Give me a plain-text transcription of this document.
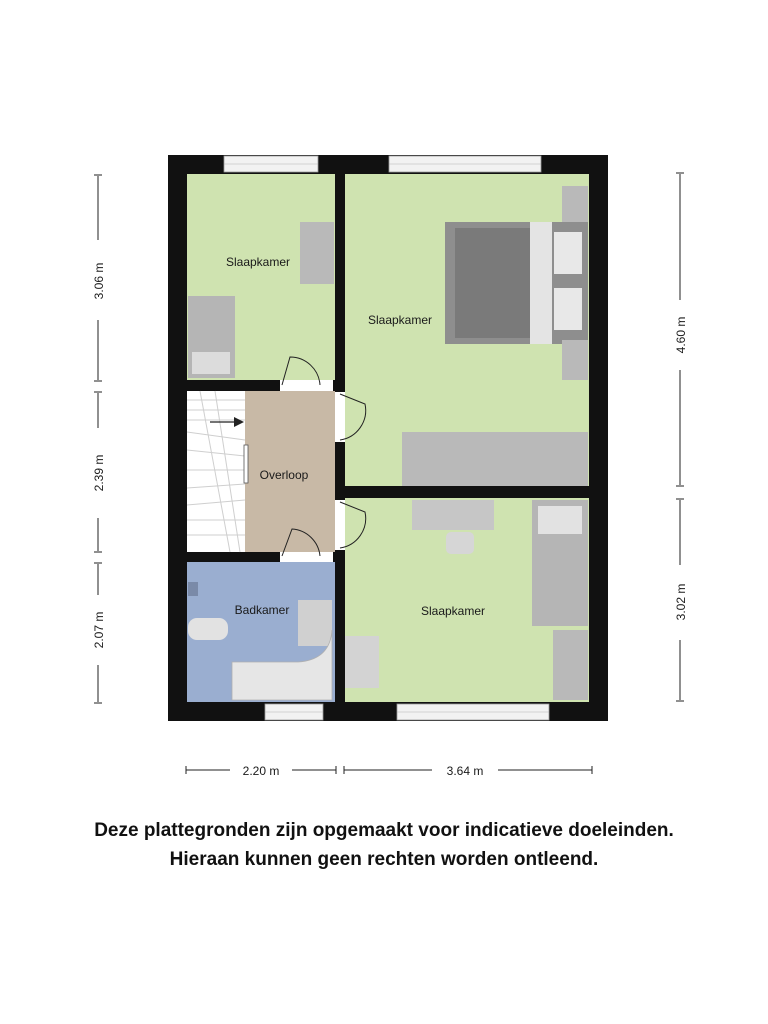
Slaapkamer
Slaapkamer
Overloop
Badkamer	Slaapkamer
3.06 m
2.39 m
2.07 m
4.60 m
3.02 m
2.20 m	3.64 m
Deze plattegronden zijn opgemaakt voor indicatieve doeleinden.
Hieraan kunnen geen rechten worden ontleend.
